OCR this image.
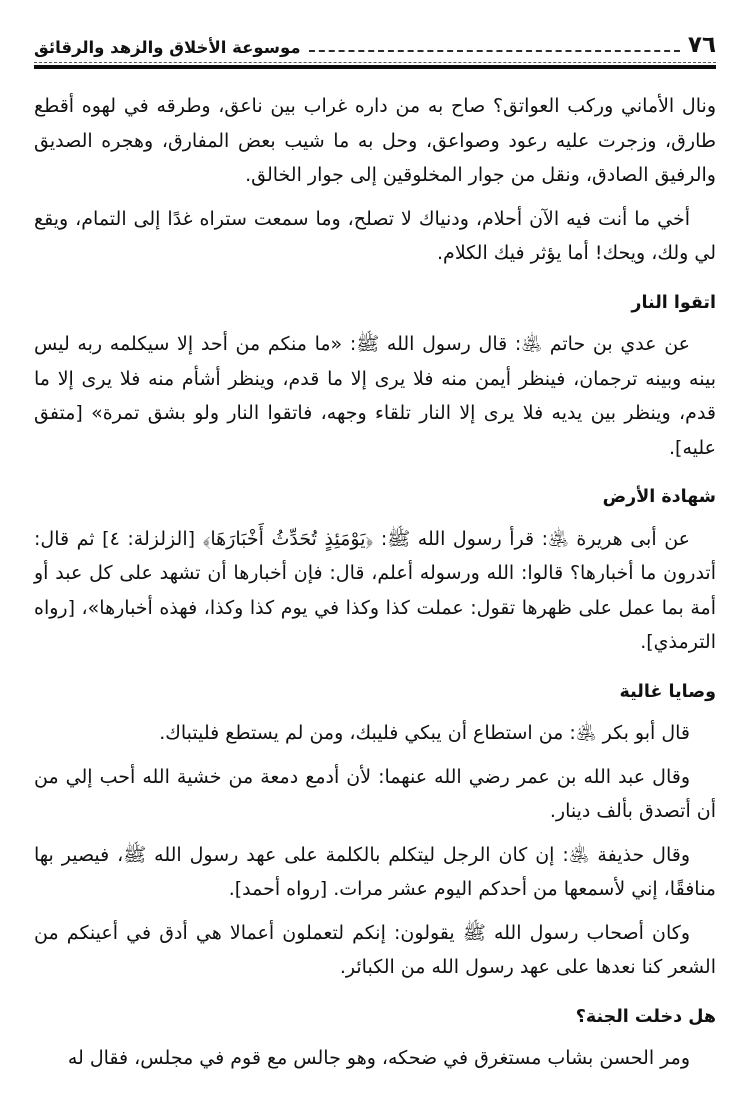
٧٦
موسوعة الأخلاق والزهد والرقائق

ونال الأماني وركب العواتق؟ صاح به من داره غراب بين ناعق، وطرقه في لهوه أقطع طارق، وزجرت عليه رعود وصواعق، وحل به ما شيب بعض المفارق، وهجره الصديق والرفيق الصادق، ونقل من جوار المخلوقين إلى جوار الخالق.

أخي ما أنت فيه الآن أحلام، ودنياك لا تصلح، وما سمعت ستراه غدًا إلى التمام، ويقع لي ولك، ويحك! أما يؤثر فيك الكلام.

اتقوا النار

عن عدي بن حاتم ﵁: قال رسول الله ﷺ: «ما منكم من أحد إلا سيكلمه ربه ليس بينه وبينه ترجمان، فينظر أيمن منه فلا يرى إلا ما قدم، وينظر أشأم منه فلا يرى إلا ما قدم، وينظر بين يديه فلا يرى إلا النار تلقاء وجهه، فاتقوا النار ولو بشق تمرة» [متفق عليه].

شهادة الأرض

عن أبى هريرة ﵁: قرأ رسول الله ﷺ: ﴿يَوْمَئِذٍ تُحَدِّثُ أَخْبَارَهَا﴾ [الزلزلة: ٤] ثم قال: أتدرون ما أخبارها؟ قالوا: الله ورسوله أعلم، قال: فإن أخبارها أن تشهد على كل عبد أو أمة بما عمل على ظهرها تقول: عملت كذا وكذا في يوم كذا وكذا، فهذه أخبارها»، [رواه الترمذي].

وصايا غالية

قال أبو بكر ﵁: من استطاع أن يبكي فليبك، ومن لم يستطع فليتباك.

وقال عبد الله بن عمر رضي الله عنهما: لأن أدمع دمعة من خشية الله أحب إلي من أن أتصدق بألف دينار.

وقال حذيفة ﵁: إن كان الرجل ليتكلم بالكلمة على عهد رسول الله ﷺ، فيصير بها منافقًا، إني لأسمعها من أحدكم اليوم عشر مرات. [رواه أحمد].

وكان أصحاب رسول الله ﷺ يقولون: إنكم لتعملون أعمالا هي أدق في أعينكم من الشعر كنا نعدها على عهد رسول الله من الكبائر.

هل دخلت الجنة؟

ومر الحسن بشاب مستغرق في ضحكه، وهو جالس مع قوم في مجلس، فقال له
